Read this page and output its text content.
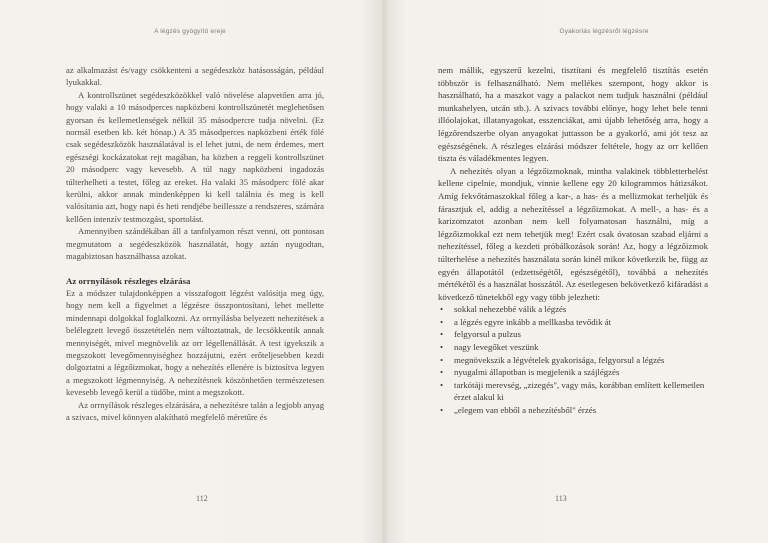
A légzés gyógyító ereje

az alkalmazást és/vagy csökkenteni a segédeszköz hatásosságán, például lyukakkal.

A kontrollszünet segédeszközökkel való növelése alapvetően arra jó, hogy valaki a 10 másodperces napközbeni kontrollszünetét meglehetősen gyorsan és kellemetlenségek nélkül 35 másodpercre tudja növelni. (Ez normál esetben kb. két hónap.) A 35 másodperces napközbeni érték fölé csak segédeszközök használatával is el lehet jutni, de nem érdemes, mert egészségi kockázatokat rejt magában, ha közben a reggeli kontrollszünet 20 másodperc vagy kevesebb. A túl nagy napközbeni ingadozás túlterhelheti a testet, főleg az ereket. Ha valaki 35 másodperc fölé akar kerülni, akkor annak mindenképpen ki kell találnia és meg is kell valósítania azt, hogy napi és heti rendjébe beillessze a rendszeres, számára kellően intenzív testmozgást, sportolást.

Amennyiben szándékában áll a tanfolyamon részt venni, ott pontosan megmutatom a segédeszközök használatát, hogy aztán nyugodtan, magabiztosan használhassa azokat.

Az orrnyílások részleges elzárása

Ez a módszer tulajdonképpen a visszafogott légzést valósítja meg úgy, hogy nem kell a figyelmet a légzésre összpontosítani, lehet mellette mindennapi dolgokkal foglalkozni. Az orrnyílásba belyezett nehezítések a belélegzett levegő összetételén nem változtatnak, de lecsökkentik annak mennyiségét, mivel megnövelik az orr légellenállását. A test igyekszik a megszokott levegőmennyiséghez hozzájutni, ezért erőteljesebben kezdi dolgoztatni a légzőizmokat, hogy a nehezítés ellenére is biztosítva legyen a megszokott légmennyiség. A nehezítésnek köszönhetően természetesen kevesebb levegő kerül a tüdőbe, mint a megszokott.

Az orrnyílások részleges elzárására, a nehezítésre talán a legjobb anyag a szivacs, mivel könnyen alakítható megfelelő méretűre és

112
Gyakorlás légzésről légzésre

nem mállik, egyszerű kezelni, tisztítani és megfelelő tisztítás esetén többször is felhasználható. Nem mellékes szempont, hogy akkor is használható, ha a maszkot vagy a palackot nem tudjuk használni (például munkahelyen, utcán stb.). A szivacs további előnye, hogy lehet bele tenni illóolajokat, illatanyagokat, esszenciákat, ami újabb lehetőség arra, hogy a légzőrendszerbe olyan anyagokat juttasson be a gyakorló, ami jót tesz az egészségének. A részleges elzárási módszer feltétele, hogy az orr kellően tiszta és váladékmentes legyen.

A nehezítés olyan a légzőizmoknak, mintha valakinek többletterhelést kellene cipelnie, mondjuk, vinnie kellene egy 20 kilogrammos hátizsákot. Amíg fekvőtámaszokkal főleg a kar-, a has- és a mellizmokat terheljük és fárasztjuk el, addig a nehezítéssel a légzőizmokat. A mell-, a has- és a karizomzatot azonban nem kell folyamatosan használni, míg a légzőizmokkal ezt nem tehetjük meg! Ezért csak óvatosan szabad eljárni a nehezítéssel, főleg a kezdeti próbálkozások során! Az, hogy a légzőizmok túlterhelése a nehezítés használata során kinél mikor következik be, függ az egyén állapotától (edzettségétől, egészségétől), továbbá a nehezítés mértékétől és a használat hosszától. Az esetlegesen bekövetkező kifáradást a következő tünetekből egy vagy több jelezheti:

• sokkal nehezebbé válik a légzés
• a légzés egyre inkább a mellkasba tevődik át
• felgyorsul a pulzus
• nagy levegőket veszünk
• megnövekszik a légvételek gyakorisága, felgyorsul a légzés
• nyugalmi állapotban is megjelenik a szájlégzés
• tarkótáji merevség, „zizegés", vagy más, korábban említett kellemetlen érzet alakul ki
• „elegem van ebből a nehezítésből" érzés
113
